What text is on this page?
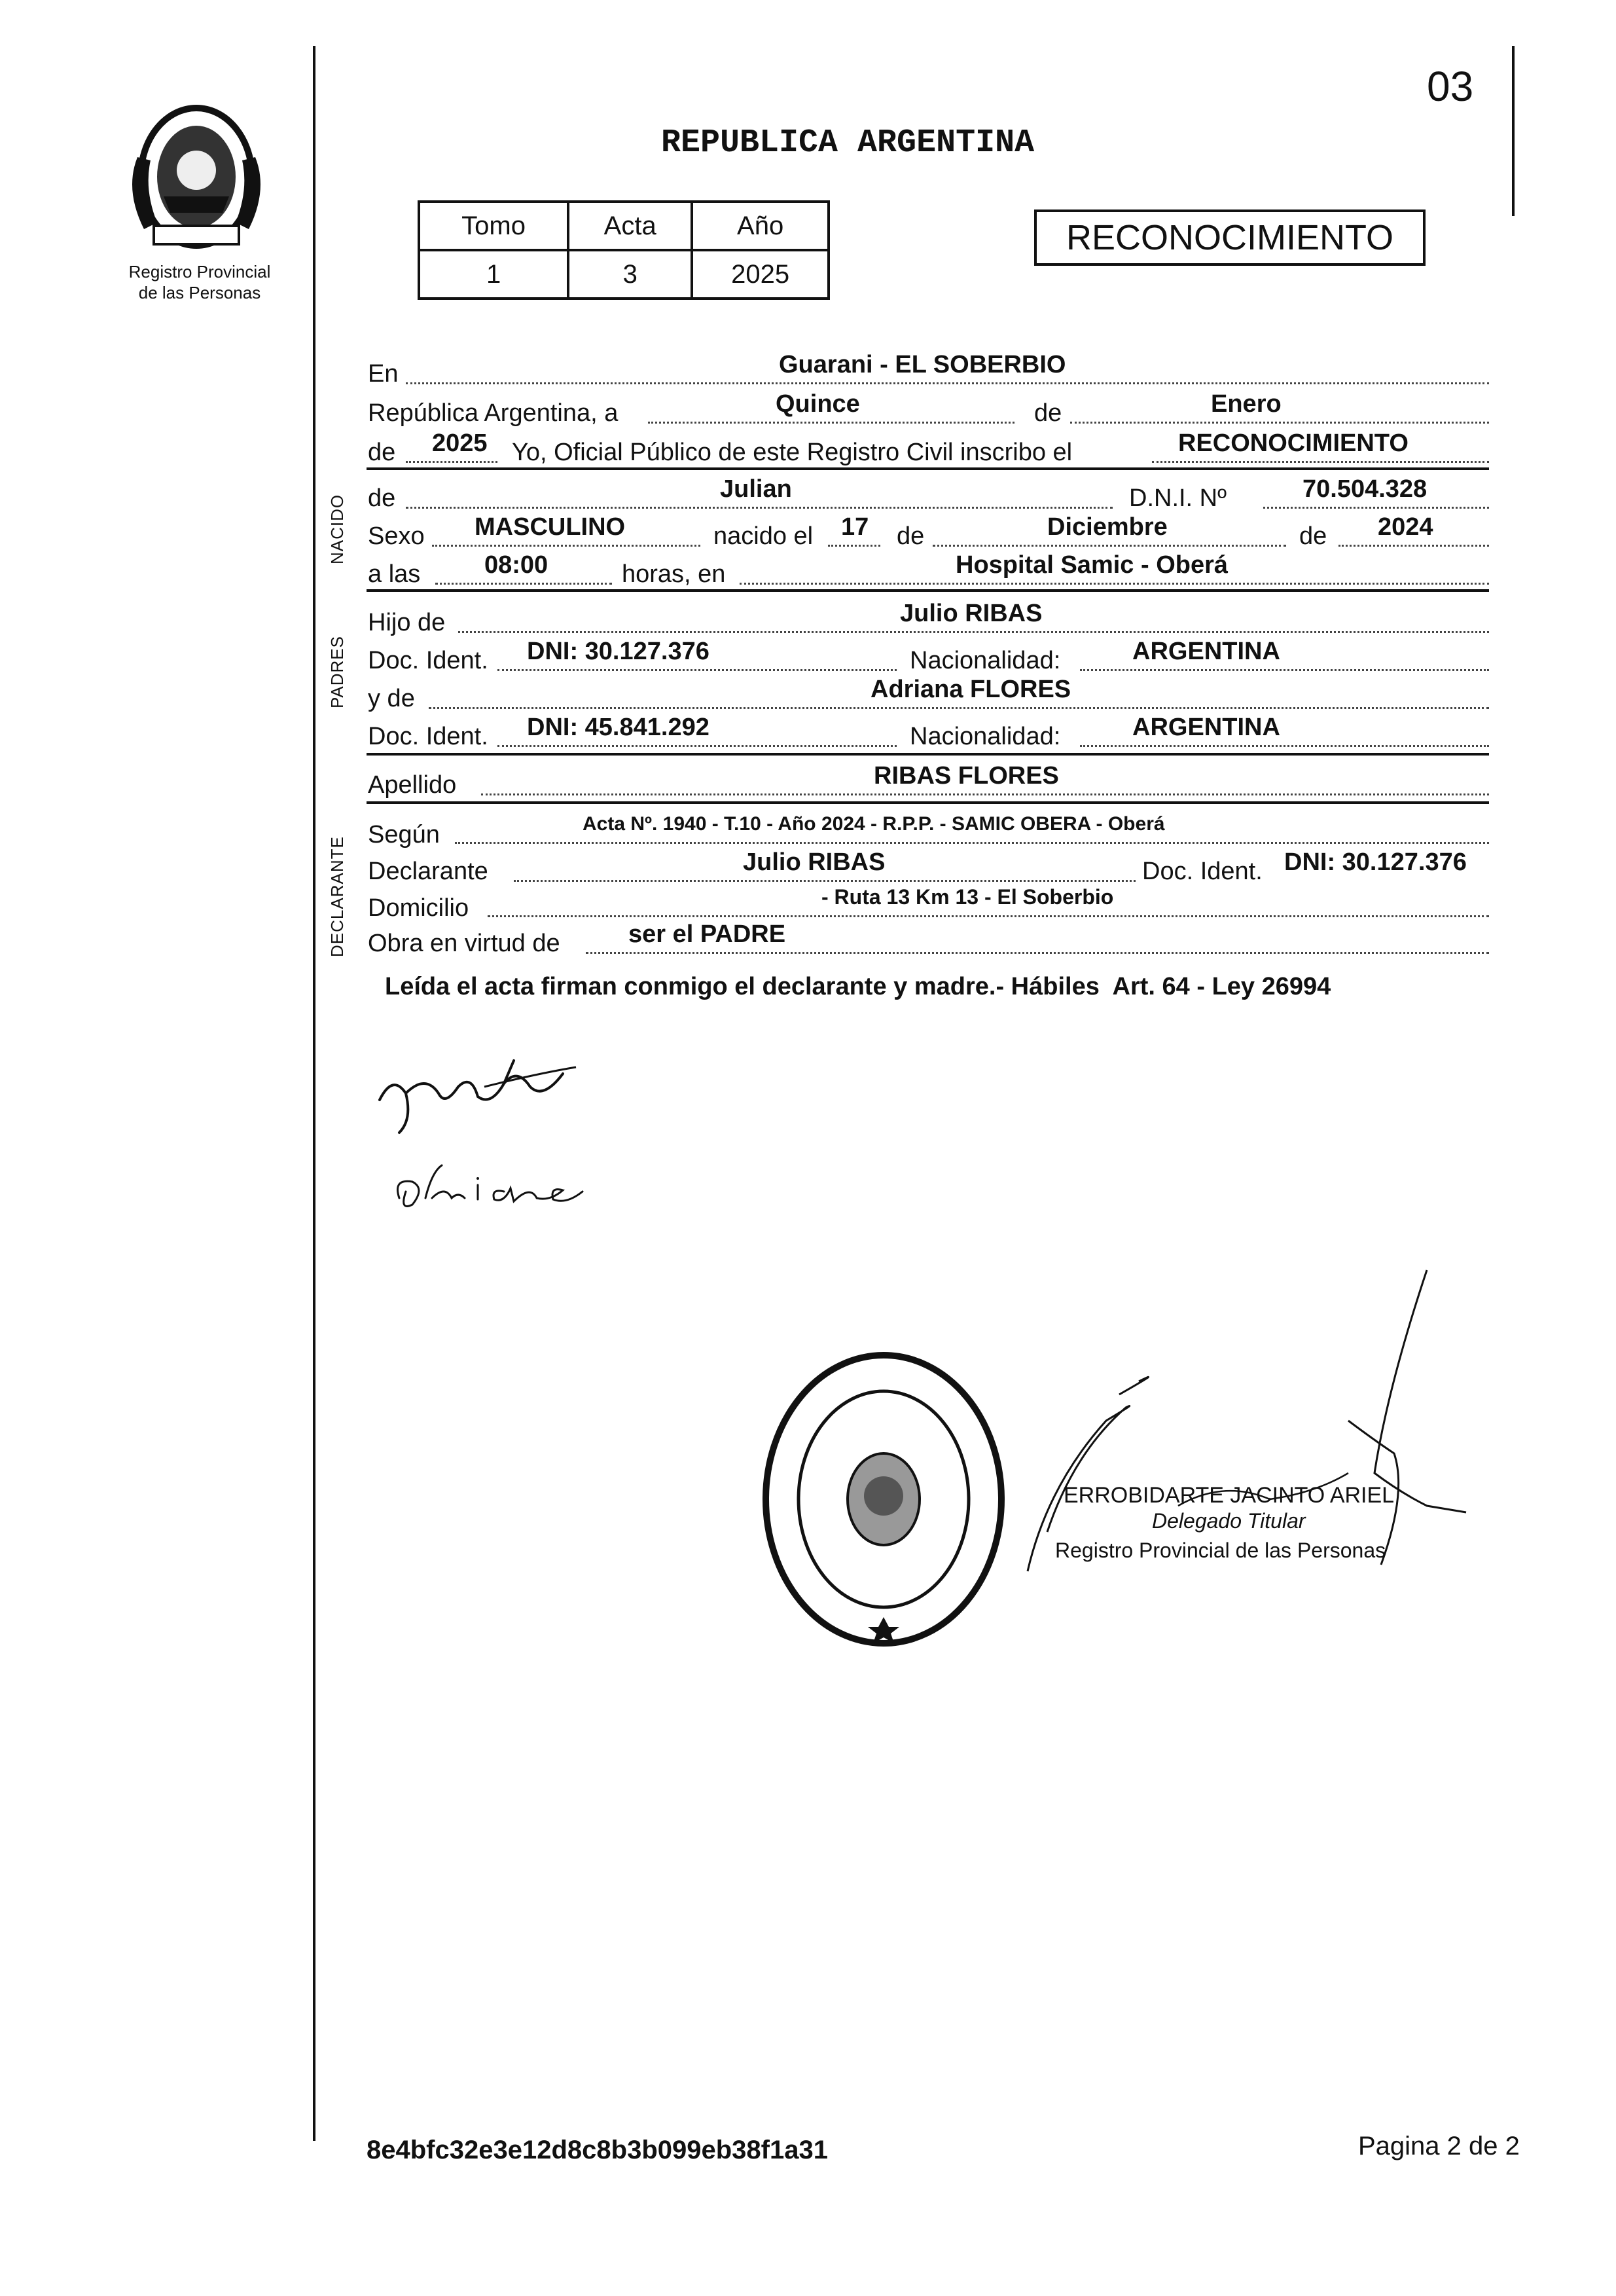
03
Registro Provincial
de las Personas
REPUBLICA ARGENTINA
Tomo	Acta	Año
1	3	2025
RECONOCIMIENTO
NACIDO
PADRES
DECLARANTE
En	Guarani - EL SOBERBIO
República Argentina, a	Quince	de	Enero
de 2025 Yo, Oficial Público de este Registro Civil inscribo el	RECONOCIMIENTO
de	Julian	D.N.I. Nº	70.504.328
Sexo MASCULINO	nacido el 17 de	Diciembre	de 2024
a las	08:00	horas, en	Hospital Samic - Oberá
Hijo de	Julio RIBAS
Doc. Ident. DNI: 30.127.376	Nacionalidad:	ARGENTINA
y de	Adriana FLORES
Doc. Ident. DNI: 45.841.292	Nacionalidad:	ARGENTINA
Apellido	RIBAS FLORES
Según	Acta Nº. 1940 - T.10 - Año 2024 - R.P.P. - SAMIC OBERA - Oberá
Declarante	Julio RIBAS	Doc. Ident. DNI: 30.127.376
Domicilio	- Ruta 13 Km 13 - El Soberbio
Obra en virtud de	ser el PADRE
Leída el acta firman conmigo el declarante y madre.- Hábiles  Art. 64 - Ley 26994
ERROBIDARTE JACINTO ARIEL
Delegado Titular
Registro Provincial de las Personas
8e4bfc32e3e12d8c8b3b099eb38f1a31	Pagina 2 de 2
